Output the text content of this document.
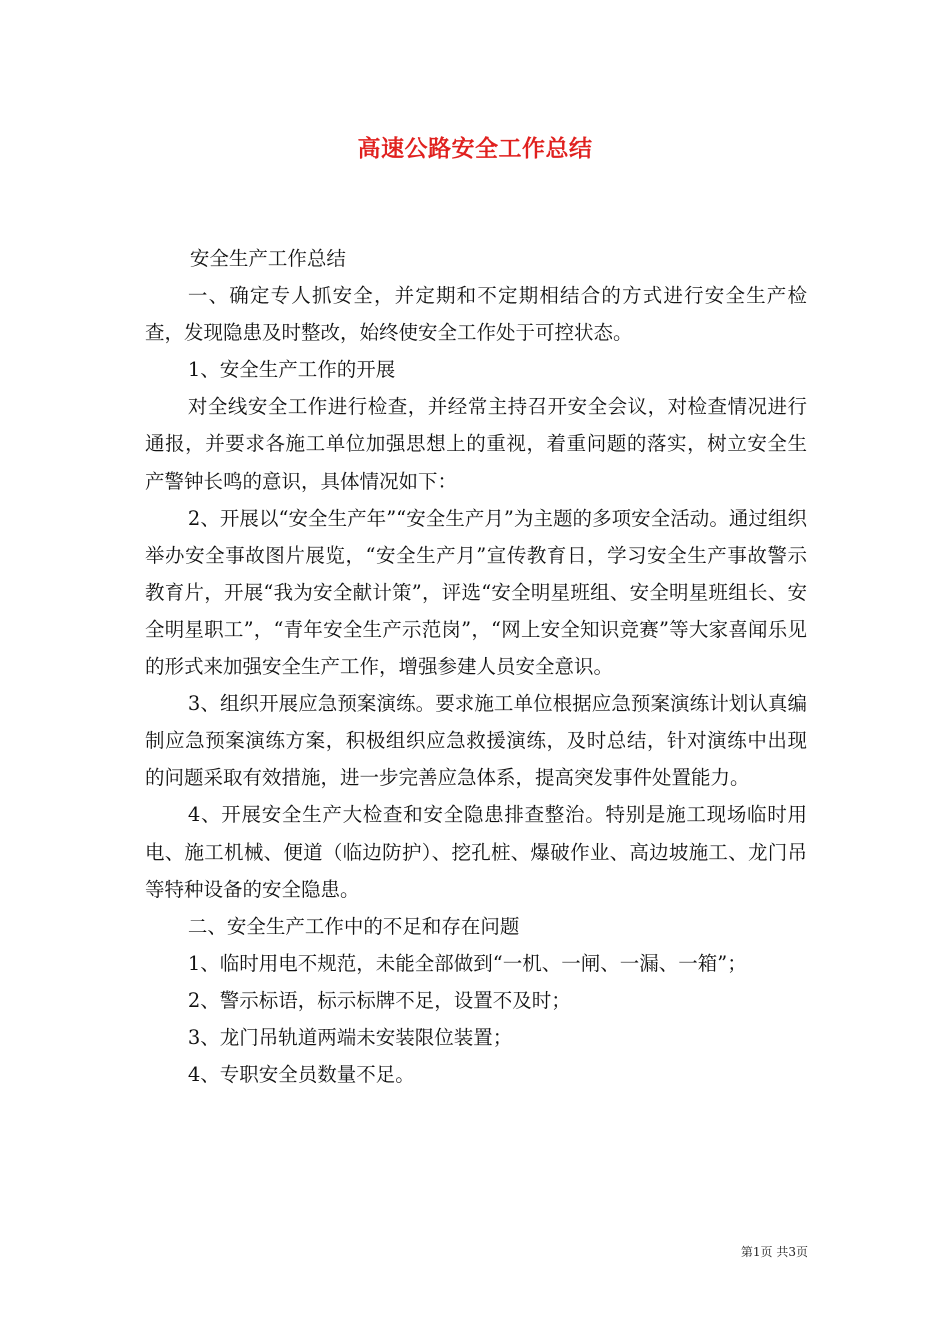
高速公路安全工作总结

安全生产工作总结

一、确定专人抓安全，并定期和不定期相结合的方式进行安全生产检查，发现隐患及时整改，始终使安全工作处于可控状态。

1、安全生产工作的开展

对全线安全工作进行检查，并经常主持召开安全会议，对检查情况进行通报，并要求各施工单位加强思想上的重视，着重问题的落实，树立安全生产警钟长鸣的意识，具体情况如下：

2、开展以“安全生产年”“安全生产月”为主题的多项安全活动。通过组织举办安全事故图片展览，“安全生产月”宣传教育日，学习安全生产事故警示教育片，开展“我为安全献计策”，评选“安全明星班组、安全明星班组长、安全明星职工”，“青年安全生产示范岗”，“网上安全知识竞赛”等大家喜闻乐见的形式来加强安全生产工作，增强参建人员安全意识。

3、组织开展应急预案演练。要求施工单位根据应急预案演练计划认真编制应急预案演练方案，积极组织应急救援演练，及时总结，针对演练中出现的问题采取有效措施，进一步完善应急体系，提高突发事件处置能力。

4、开展安全生产大检查和安全隐患排查整治。特别是施工现场临时用电、施工机械、便道（临边防护）、挖孔桩、爆破作业、高边坡施工、龙门吊等特种设备的安全隐患。

二、安全生产工作中的不足和存在问题

1、临时用电不规范，未能全部做到“一机、一闸、一漏、一箱”；

2、警示标语，标示标牌不足，设置不及时；

3、龙门吊轨道两端未安装限位装置；

4、专职安全员数量不足。

第1页 共3页
